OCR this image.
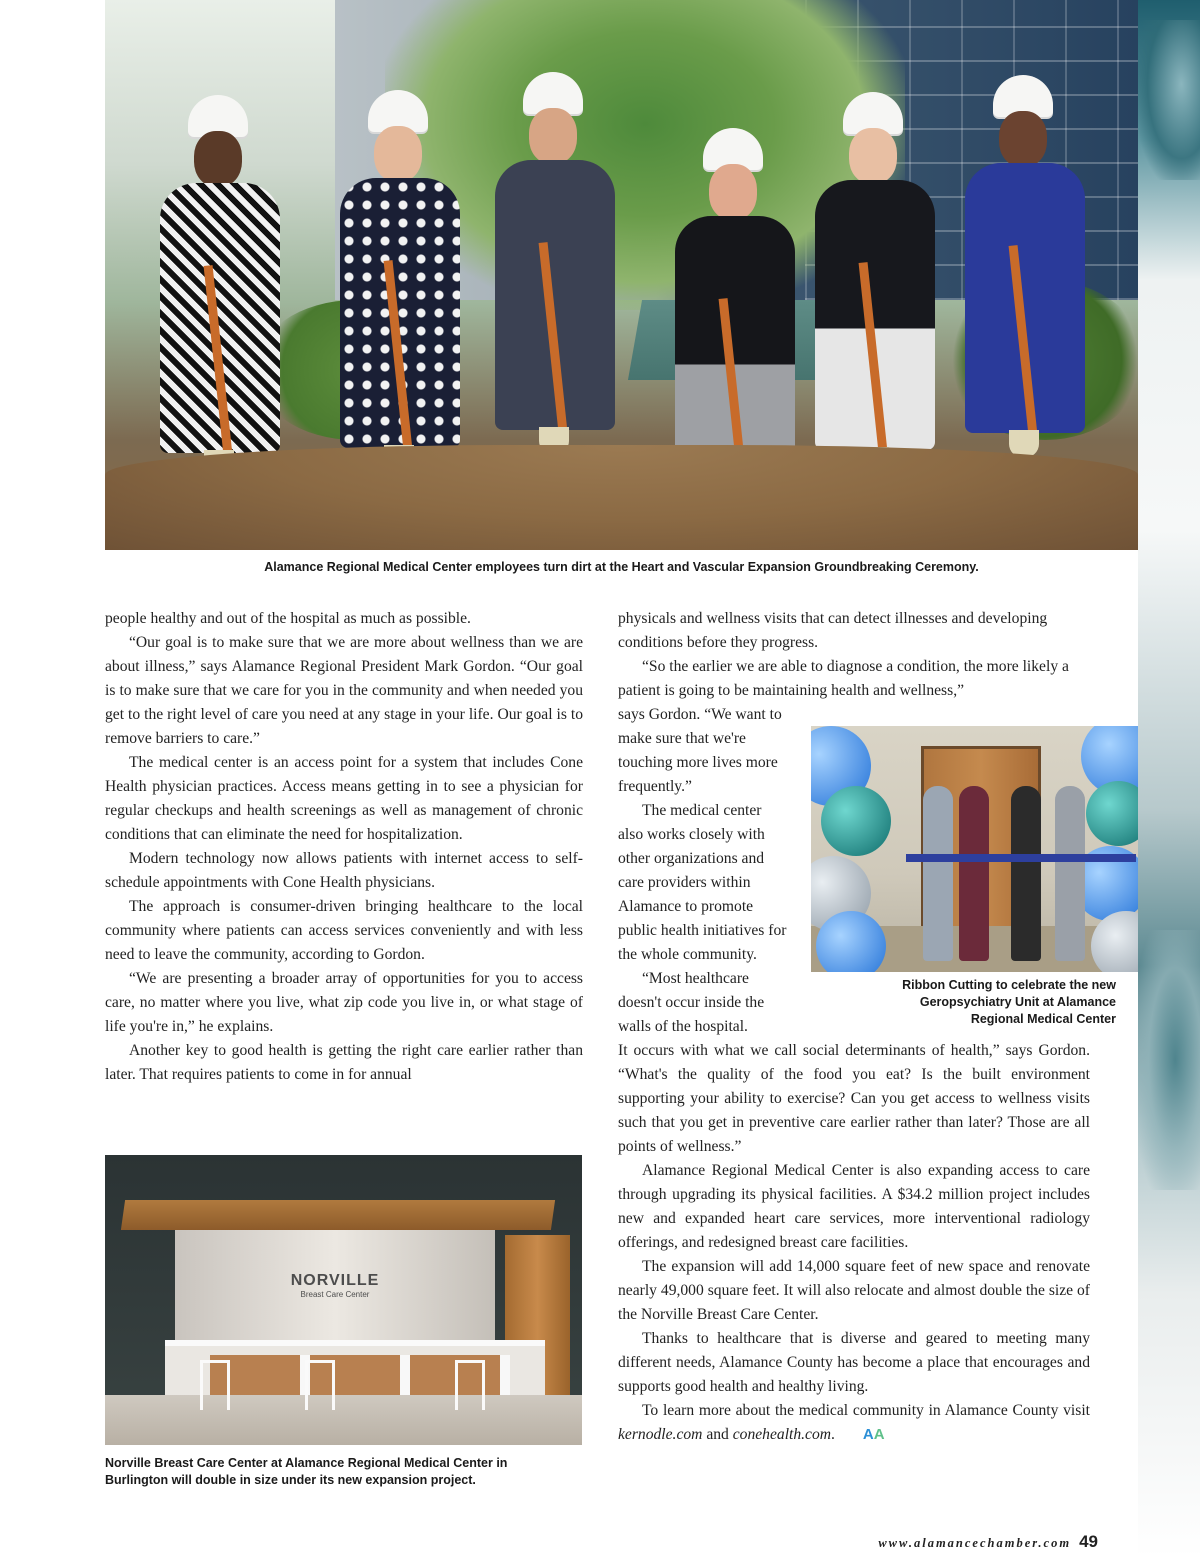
Alamance Regional Medical Center employees turn dirt at the Heart and Vascular Expansion Groundbreaking Ceremony.

people healthy and out of the hospital as much as possible.

“Our goal is to make sure that we are more about wellness than we are about illness,” says Alamance Regional President Mark Gordon. “Our goal is to make sure that we care for you in the community and when needed you get to the right level of care you need at any stage in your life. Our goal is to remove barriers to care.”

The medical center is an access point for a system that includes Cone Health physician practices. Access means getting in to see a physician for regular checkups and health screenings as well as management of chronic conditions that can eliminate the need for hospitalization.

Modern technology now allows patients with internet access to self-schedule appointments with Cone Health physicians.

The approach is consumer-driven bringing healthcare to the local community where patients can access services conveniently and with less need to leave the community, according to Gordon.

“We are presenting a broader array of opportunities for you to access care, no matter where you live, what zip code you live in, or what stage of life you're in,” he explains.

Another key to good health is getting the right care earlier rather than later. That requires patients to come in for annual

physicals and wellness visits that can detect illnesses and developing conditions before they progress.

“So the earlier we are able to diagnose a condition, the more likely a patient is going to be maintaining health and wellness,”

says Gordon. “We want to make sure that we're touching more lives more frequently.”

The medical center also works closely with other organizations and care providers within Alamance to promote public health initiatives for the whole community.

“Most healthcare doesn't occur inside the walls of the hospital.

Ribbon Cutting to celebrate the new
Geropsychiatry Unit at Alamance
Regional Medical Center

It occurs with what we call social determinants of health,” says Gordon. “What's the quality of the food you eat? Is the built environment supporting your ability to exercise? Can you get access to wellness visits such that you get in preventive care earlier rather than later? Those are all points of wellness.”

Alamance Regional Medical Center is also expanding access to care through upgrading its physical facilities. A $34.2 million project includes new and expanded heart care services, more interventional radiology offerings, and redesigned breast care facilities.

The expansion will add 14,000 square feet of new space and renovate nearly 49,000 square feet. It will also relocate and almost double the size of the Norville Breast Care Center.

Thanks to healthcare that is diverse and geared to meeting many different needs, Alamance County has become a place that encourages and supports good health and healthy living.

To learn more about the medical community in Alamance County visit kernodle.com and conehealth.com. AA

NORVILLE
Breast Care Center
Norville Breast Care Center at Alamance Regional Medical Center in
Burlington will double in size under its new expansion project.
www.alamancechamber.com 49
